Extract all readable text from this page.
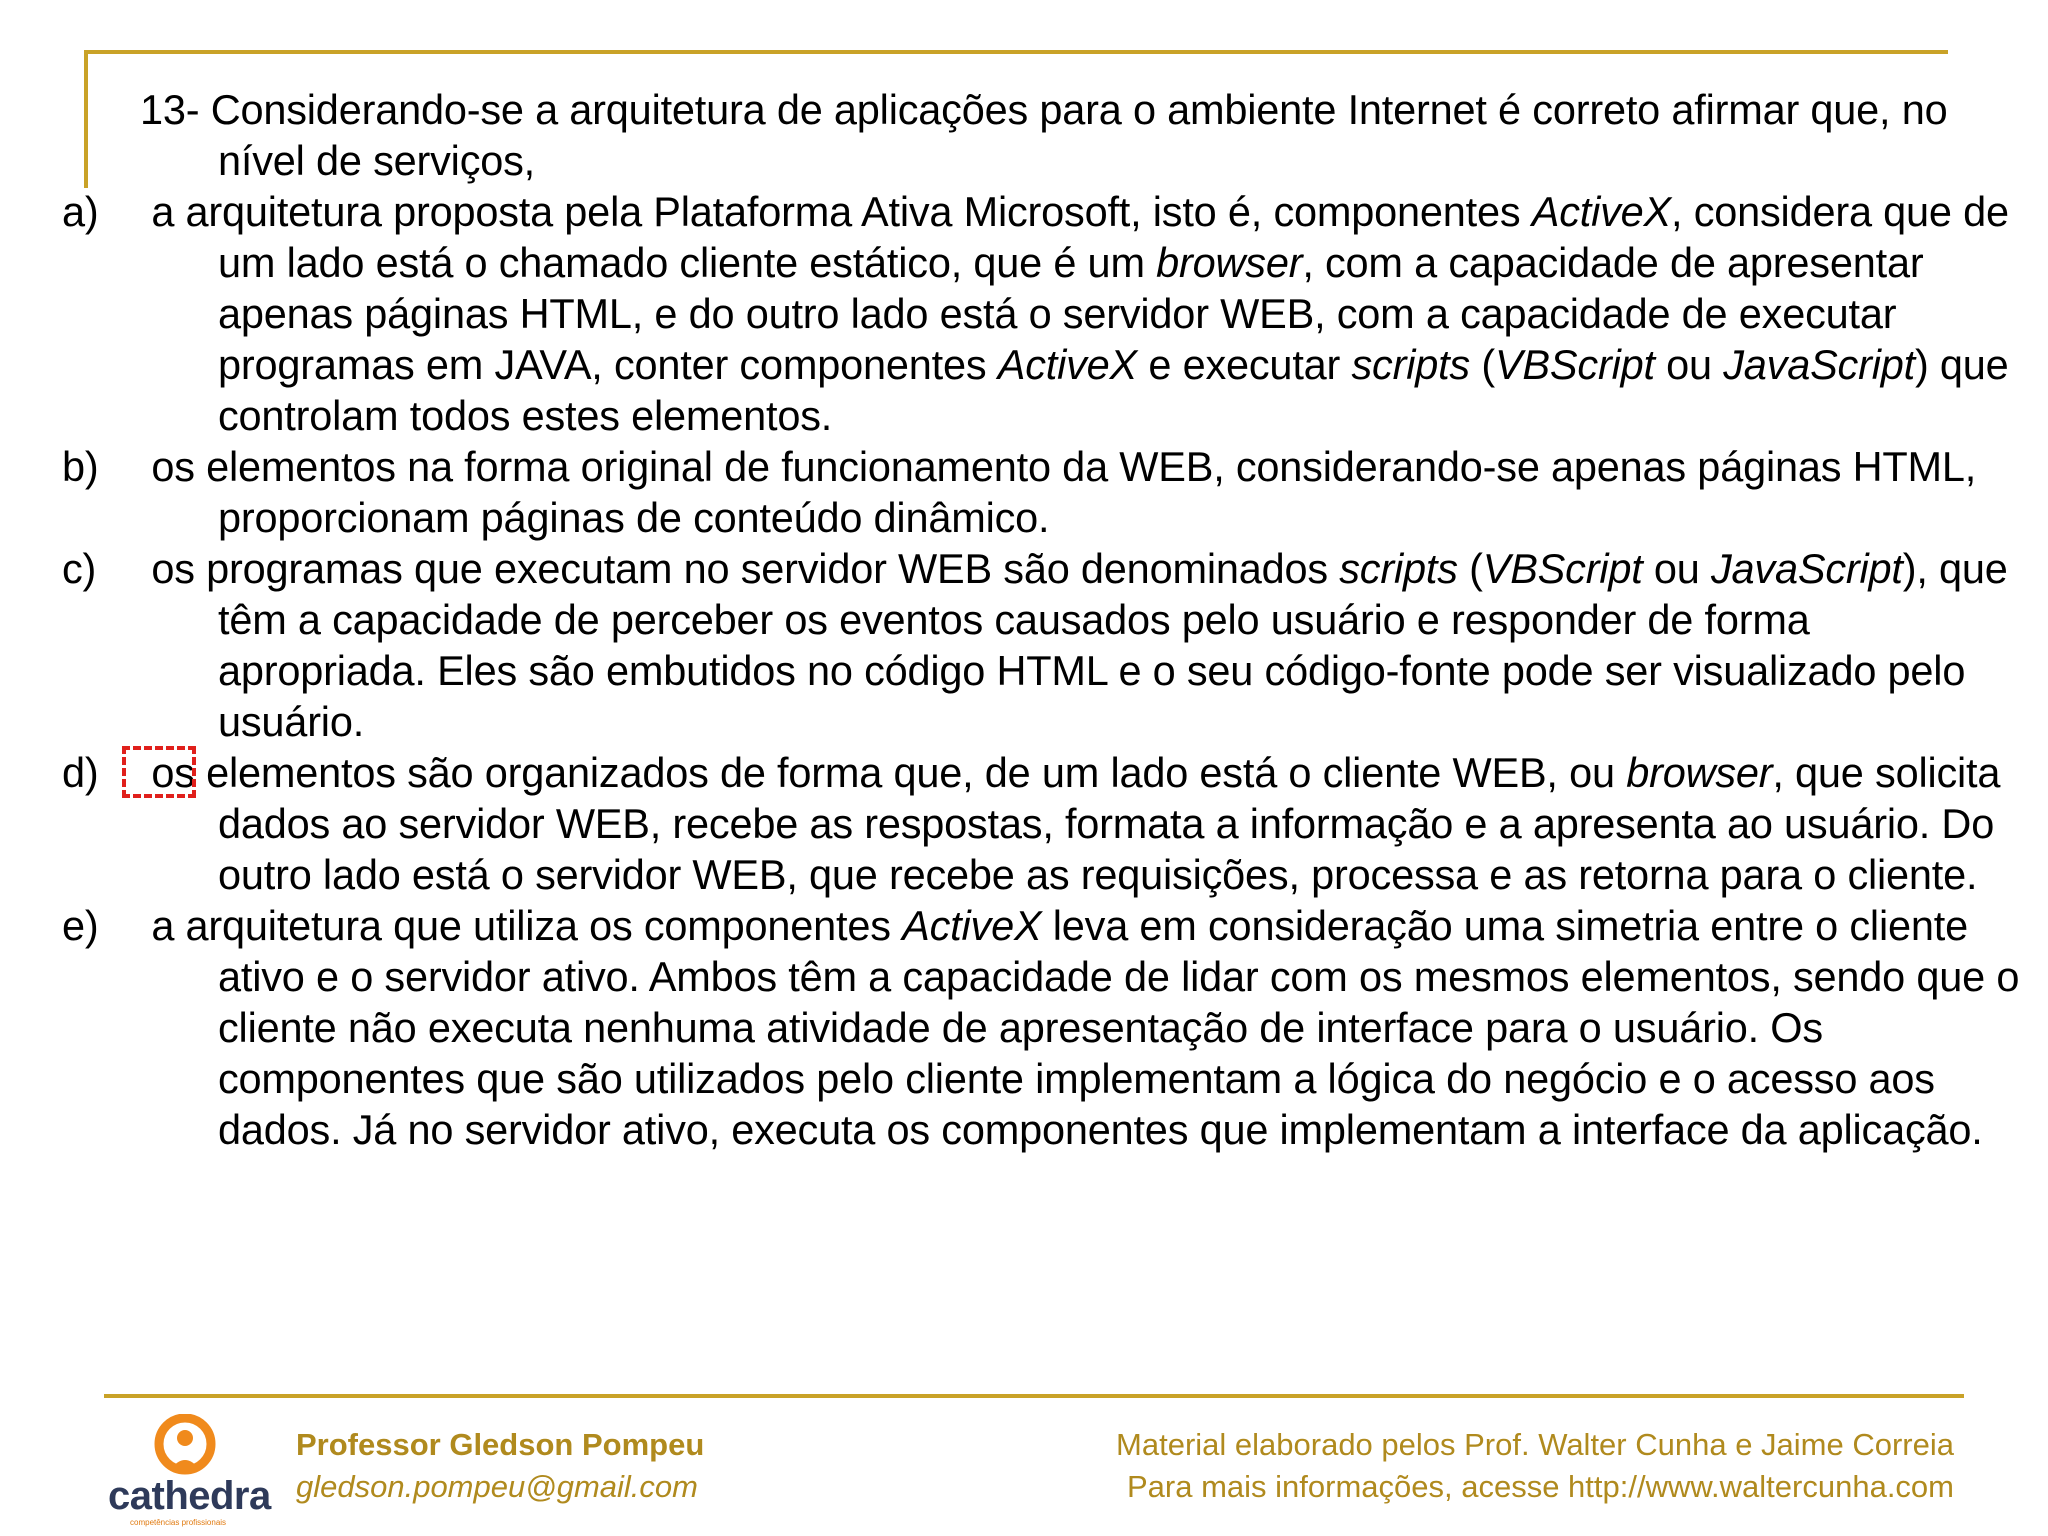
13- Considerando-se a arquitetura de aplicações para o ambiente Internet é correto afirmar que, no nível de serviços,

a) a arquitetura proposta pela Plataforma Ativa Microsoft, isto é, componentes ActiveX, considera que de um lado está o chamado cliente estático, que é um browser, com a capacidade de apresentar apenas páginas HTML, e do outro lado está o servidor WEB, com a capacidade de executar programas em JAVA, conter componentes ActiveX e executar scripts (VBScript ou JavaScript) que controlam todos estes elementos.

b) os elementos na forma original de funcionamento da WEB, considerando-se apenas páginas HTML, proporcionam páginas de conteúdo dinâmico.

c) os programas que executam no servidor WEB são denominados scripts (VBScript ou JavaScript), que têm a capacidade de perceber os eventos causados pelo usuário e responder de forma apropriada. Eles são embutidos no código HTML e o seu código-fonte pode ser visualizado pelo usuário.

d)
os elementos são organizados de forma que, de um lado está o cliente WEB, ou browser, que solicita dados ao servidor WEB, recebe as respostas, formata a informação e a apresenta ao usuário. Do outro lado está o servidor WEB, que recebe as requisições, processa e as retorna para o cliente.

e) a arquitetura que utiliza os componentes ActiveX leva em consideração uma simetria entre o cliente ativo e o servidor ativo. Ambos têm a capacidade de lidar com os mesmos elementos, sendo que o cliente não executa nenhuma atividade de apresentação de interface para o usuário. Os componentes que são utilizados pelo cliente implementam a lógica do negócio e o acesso aos dados. Já no servidor ativo, executa os componentes que implementam a interface da aplicação.

cathedra
competências profissionais
Professor Gledson Pompeu
gledson.pompeu@gmail.com
Material elaborado pelos Prof. Walter Cunha e Jaime Correia
Para mais informações, acesse http://www.waltercunha.com
